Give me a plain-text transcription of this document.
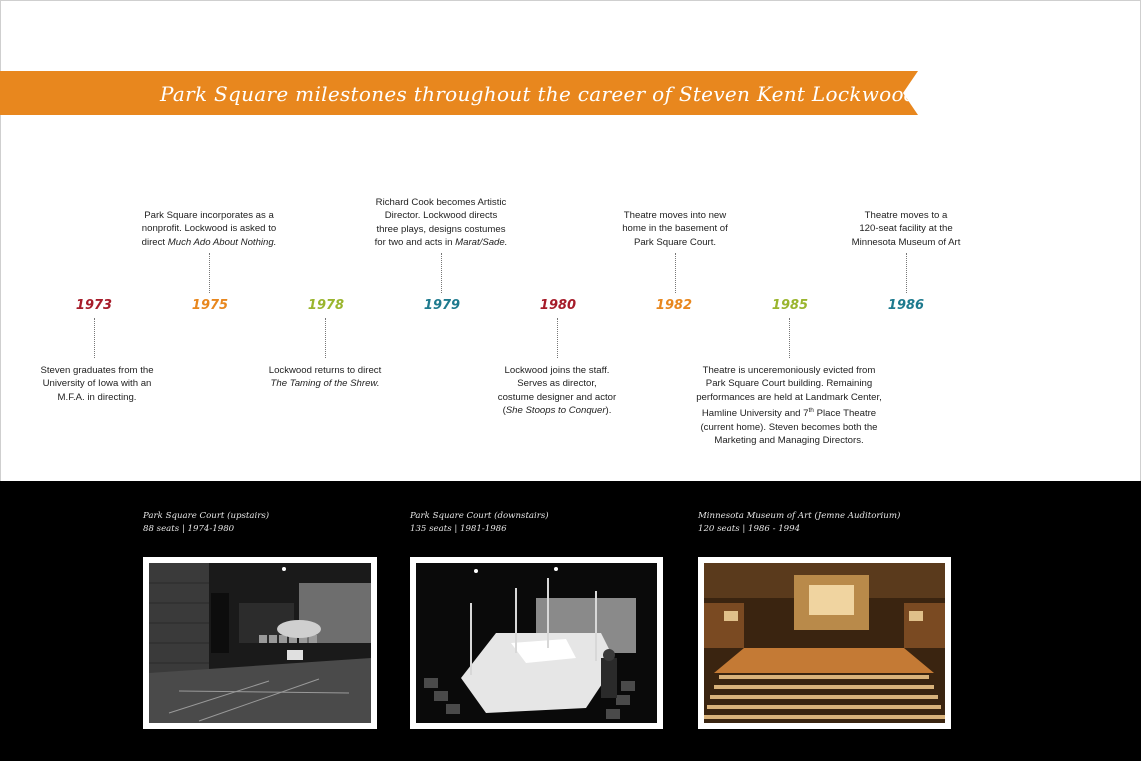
Park Square milestones throughout the career of Steven Kent Lockwood
1973	1975	1978	1979	1980	1982	1985	1986
Park Square incorporates as a
nonprofit. Lockwood is asked to
direct Much Ado About Nothing.
Richard Cook becomes Artistic
Director. Lockwood directs
three plays, designs costumes
for two and acts in Marat/Sade.
Theatre moves into new
home in the basement of
Park Square Court.
Theatre moves to a
120-seat facility at the
Minnesota Museum of Art
Steven graduates from the
University of Iowa with an
M.F.A. in directing.
Lockwood returns to direct
The Taming of the Shrew.
Lockwood joins the staff.
Serves as director,
costume designer and actor
(She Stoops to Conquer).
Theatre is unceremoniously evicted from
Park Square Court building. Remaining
performances are held at Landmark Center,
Hamline University and 7th Place Theatre
(current home). Steven becomes both the
Marketing and Managing Directors.
Park Square Court (upstairs)
88 seats | 1974-1980
Park Square Court (downstairs)
135 seats | 1981-1986
Minnesota Museum of Art (Jemne Auditorium)
120 seats | 1986 - 1994
